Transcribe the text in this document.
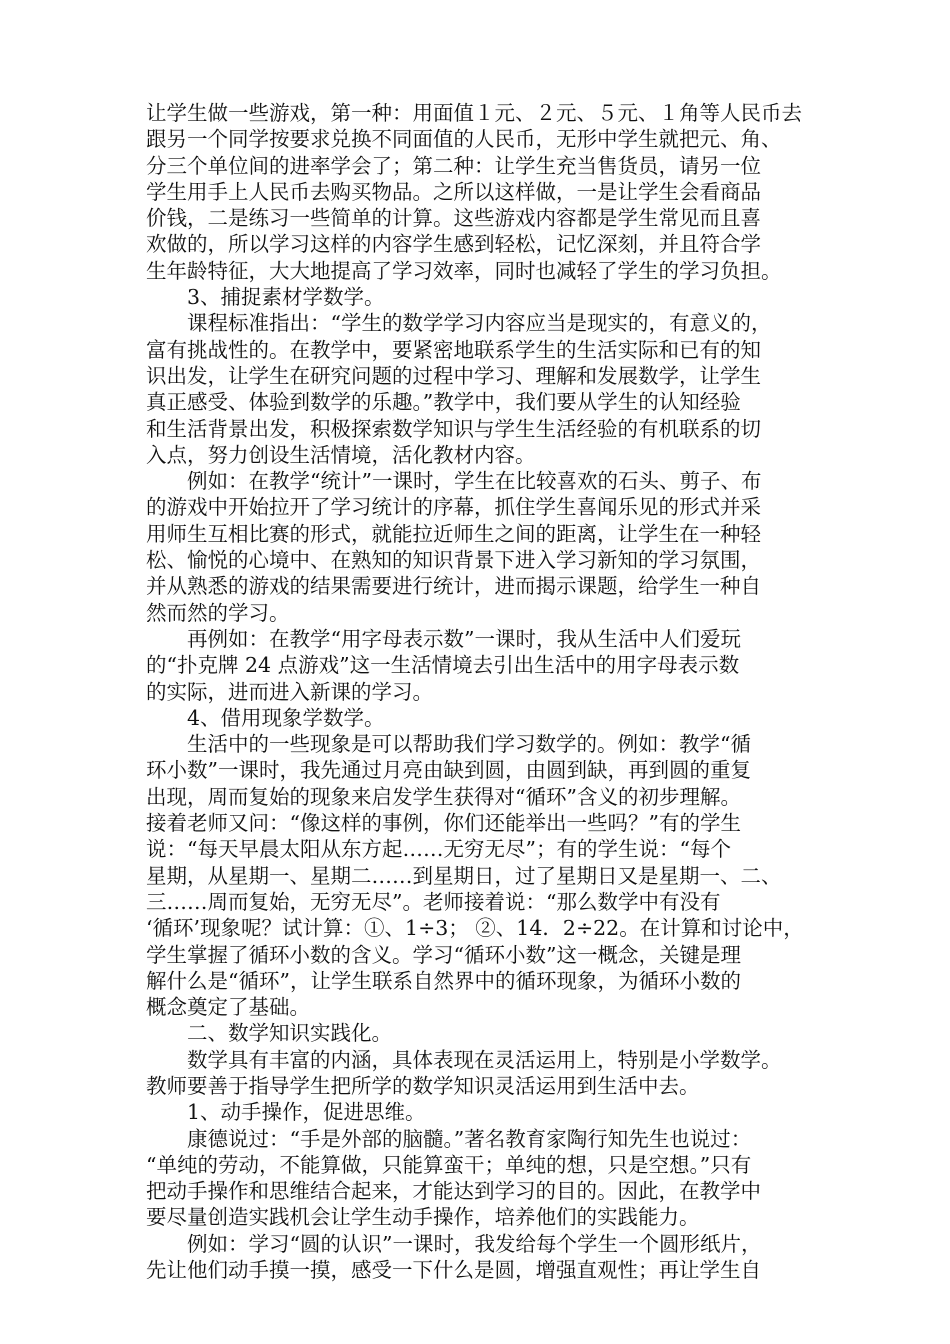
让学生做一些游戏，第一种：用面值１元、２元、５元、１角等人民币去
跟另一个同学按要求兑换不同面值的人民币，无形中学生就把元、角、
分三个单位间的进率学会了；第二种：让学生充当售货员，请另一位
学生用手上人民币去购买物品。之所以这样做，一是让学生会看商品
价钱，二是练习一些简单的计算。这些游戏内容都是学生常见而且喜
欢做的，所以学习这样的内容学生感到轻松，记忆深刻，并且符合学
生年龄特征，大大地提高了学习效率，同时也减轻了学生的学习负担。
3、捕捉素材学数学。
课程标准指出：“学生的数学学习内容应当是现实的，有意义的，
富有挑战性的。在教学中，要紧密地联系学生的生活实际和已有的知
识出发，让学生在研究问题的过程中学习、理解和发展数学，让学生
真正感受、体验到数学的乐趣。”教学中，我们要从学生的认知经验
和生活背景出发，积极探索数学知识与学生生活经验的有机联系的切
入点，努力创设生活情境，活化教材内容。
例如：在教学“统计”一课时，学生在比较喜欢的石头、剪子、布
的游戏中开始拉开了学习统计的序幕，抓住学生喜闻乐见的形式并采
用师生互相比赛的形式，就能拉近师生之间的距离，让学生在一种轻
松、愉悦的心境中、在熟知的知识背景下进入学习新知的学习氛围，
并从熟悉的游戏的结果需要进行统计，进而揭示课题，给学生一种自
然而然的学习。
再例如：在教学“用字母表示数”一课时，我从生活中人们爱玩
的“扑克牌 24 点游戏”这一生活情境去引出生活中的用字母表示数
的实际，进而进入新课的学习。
4、借用现象学数学。
生活中的一些现象是可以帮助我们学习数学的。例如：教学“循
环小数”一课时，我先通过月亮由缺到圆，由圆到缺，再到圆的重复
出现，周而复始的现象来启发学生获得对“循环”含义的初步理解。
接着老师又问：“像这样的事例，你们还能举出一些吗？”有的学生
说：“每天早晨太阳从东方起……无穷无尽”；有的学生说：“每个
星期，从星期一、星期二……到星期日，过了星期日又是星期一、二、
三……周而复始，无穷无尽”。老师接着说：“那么数学中有没有
‘循环’现象呢？试计算：①、1÷3； ②、14．2÷22。在计算和讨论中，
学生掌握了循环小数的含义。学习“循环小数”这一概念，关键是理
解什么是“循环”，让学生联系自然界中的循环现象，为循环小数的
概念奠定了基础。
二、数学知识实践化。
数学具有丰富的内涵，具体表现在灵活运用上，特别是小学数学。
教师要善于指导学生把所学的数学知识灵活运用到生活中去。
1、动手操作，促进思维。
康德说过：“手是外部的脑髓。”著名教育家陶行知先生也说过：
“单纯的劳动，不能算做，只能算蛮干；单纯的想，只是空想。”只有
把动手操作和思维结合起来，才能达到学习的目的。因此，在教学中
要尽量创造实践机会让学生动手操作，培养他们的实践能力。
例如：学习“圆的认识”一课时，我发给每个学生一个圆形纸片，
先让他们动手摸一摸，感受一下什么是圆，增强直观性；再让学生自
